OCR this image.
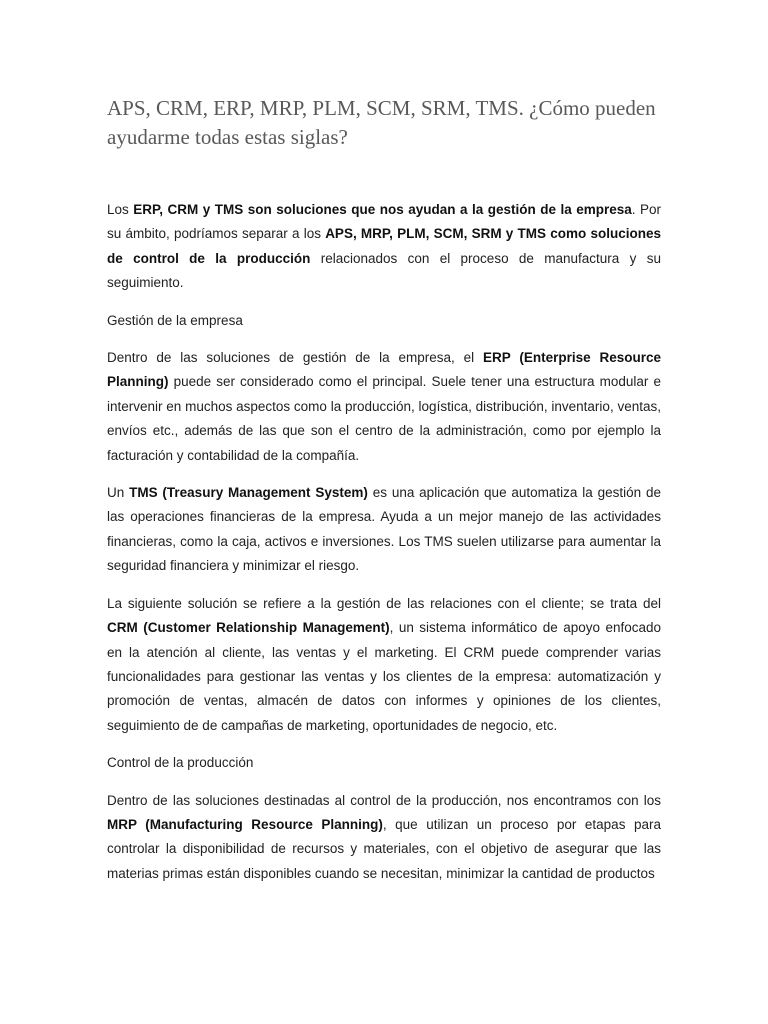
APS, CRM, ERP, MRP, PLM, SCM, SRM, TMS. ¿Cómo pueden ayudarme todas estas siglas?

Los ERP, CRM y TMS son soluciones que nos ayudan a la gestión de la empresa. Por su ámbito, podríamos separar a los APS, MRP, PLM, SCM, SRM y TMS como soluciones de control de la producción relacionados con el proceso de manufactura y su seguimiento.

Gestión de la empresa

Dentro de las soluciones de gestión de la empresa, el ERP (Enterprise Resource Planning) puede ser considerado como el principal. Suele tener una estructura modular e intervenir en muchos aspectos como la producción, logística, distribución, inventario, ventas, envíos etc., además de las que son el centro de la administración, como por ejemplo la facturación y contabilidad de la compañía.

Un TMS (Treasury Management System) es una aplicación que automatiza la gestión de las operaciones financieras de la empresa. Ayuda a un mejor manejo de las actividades financieras, como la caja, activos e inversiones. Los TMS suelen utilizarse para aumentar la seguridad financiera y minimizar el riesgo.

La siguiente solución se refiere a la gestión de las relaciones con el cliente; se trata del CRM (Customer Relationship Management), un sistema informático de apoyo enfocado en la atención al cliente, las ventas y el marketing. El CRM puede comprender varias funcionalidades para gestionar las ventas y los clientes de la empresa: automatización y promoción de ventas, almacén de datos con informes y opiniones de los clientes, seguimiento de de campañas de marketing, oportunidades de negocio, etc.

Control de la producción

Dentro de las soluciones destinadas al control de la producción, nos encontramos con los MRP (Manufacturing Resource Planning), que utilizan un proceso por etapas para controlar la disponibilidad de recursos y materiales, con el objetivo de asegurar que las materias primas están disponibles cuando se necesitan, minimizar la cantidad de productos
